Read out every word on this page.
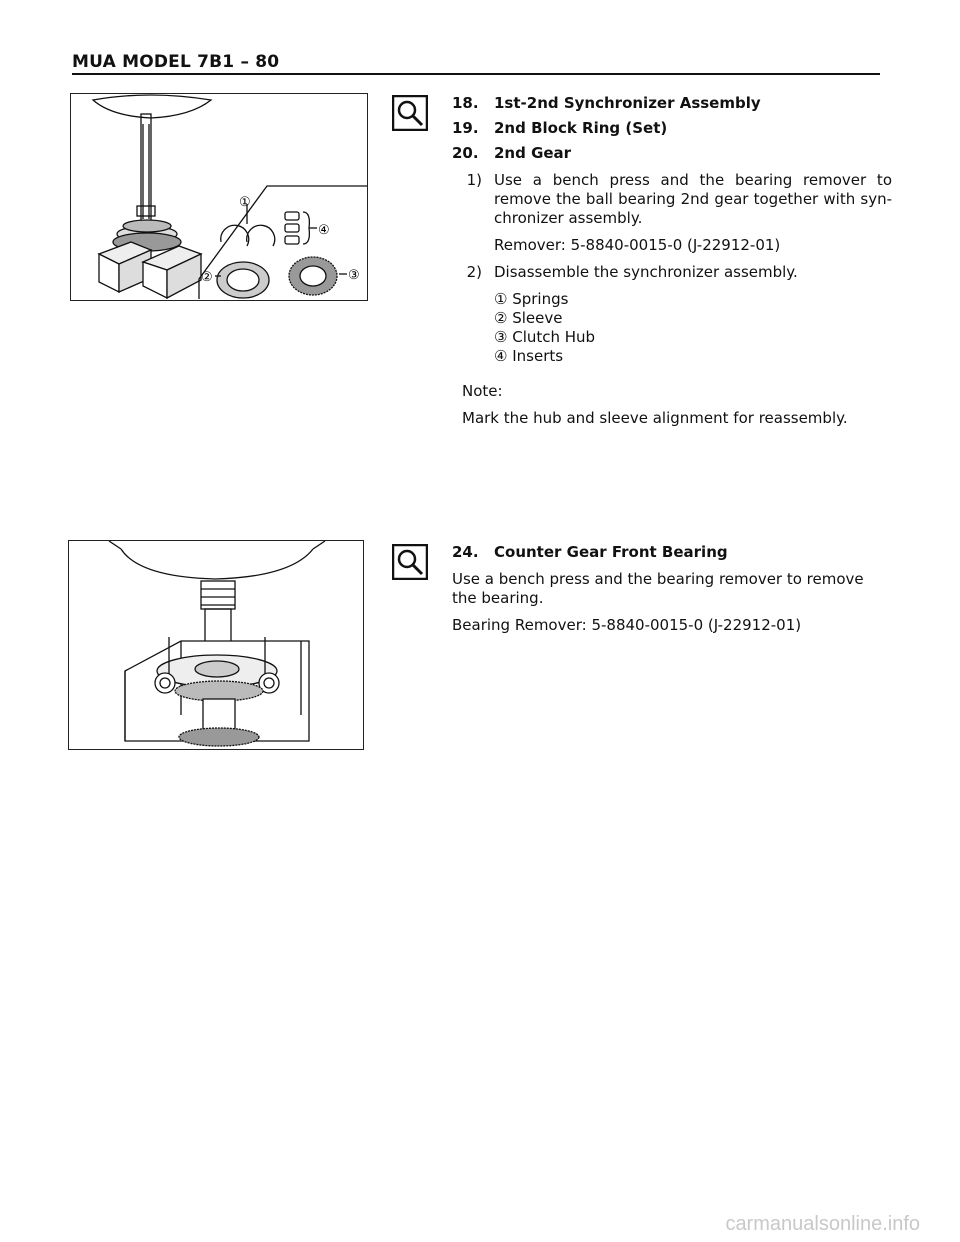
MUA MODEL 7B1 – 80
①
④
②	③
18.	1st-2nd Synchronizer Assembly
19.	2nd Block Ring (Set)
20.	2nd Gear
1) Use a bench press and the bearing remover to remove the ball bearing 2nd gear together with syn-chronizer assembly.
Remover: 5-8840-0015-0 (J-22912-01)
2) Disassemble the synchronizer assembly.
① Springs
② Sleeve
③ Clutch Hub
④ Inserts
Note:
Mark the hub and sleeve alignment for reassembly.
24.	Counter Gear Front Bearing
Use a bench press and the bearing remover to remove the bearing.
Bearing Remover: 5-8840-0015-0 (J-22912-01)
carmanualsonline.info
